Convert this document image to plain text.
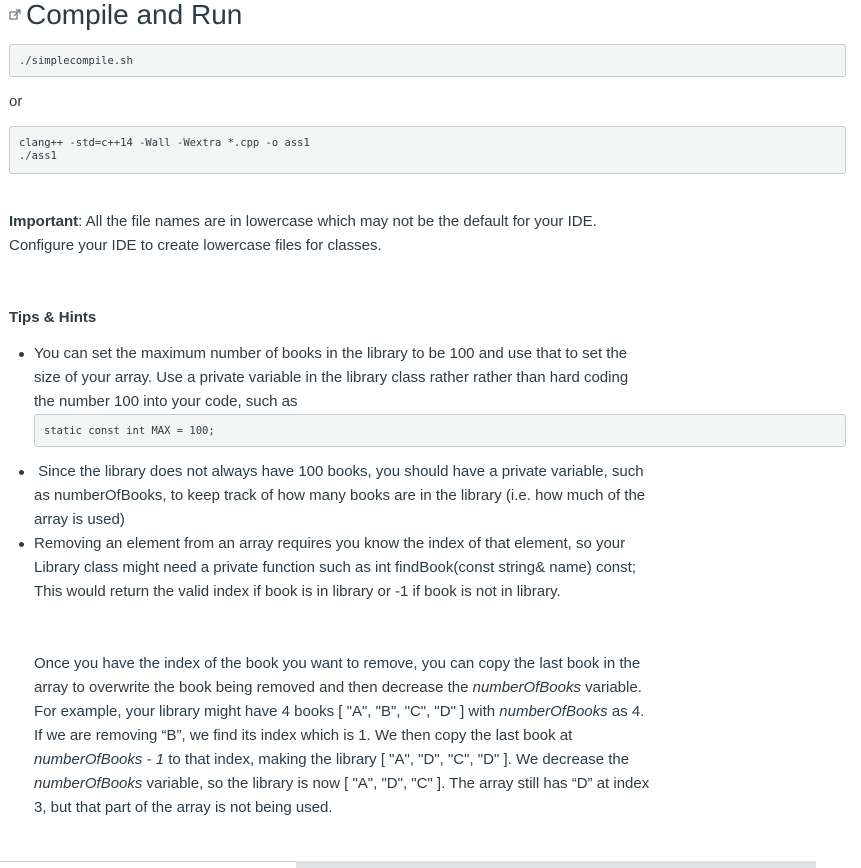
Compile and Run
./simplecompile.sh
or
clang++ -std=c++14 -Wall -Wextra *.cpp -o ass1
./ass1
Important: All the file names are in lowercase which may not be the default for your IDE. Configure your IDE to create lowercase files for classes.
Tips & Hints
You can set the maximum number of books in the library to be 100 and use that to set the size of your array. Use a private variable in the library class rather rather than hard coding the number 100 into your code, such as
static const int MAX = 100;
Since the library does not always have 100 books, you should have a private variable, such as numberOfBooks, to keep track of how many books are in the library (i.e. how much of the array is used)
Removing an element from an array requires you know the index of that element, so your Library class might need a private function such as int findBook(const string& name) const; This would return the valid index if book is in library or -1 if book is not in library.
Once you have the index of the book you want to remove, you can copy the last book in the array to overwrite the book being removed and then decrease the numberOfBooks variable. For example, your library might have 4 books [ "A", "B", "C", "D" ] with numberOfBooks as 4. If we are removing “B”, we find its index which is 1. We then copy the last book at numberOfBooks - 1 to that index, making the library [ "A", "D", "C", "D" ]. We decrease the numberOfBooks variable, so the library is now [ "A", "D", "C" ]. The array still has “D” at index 3, but that part of the array is not being used.
